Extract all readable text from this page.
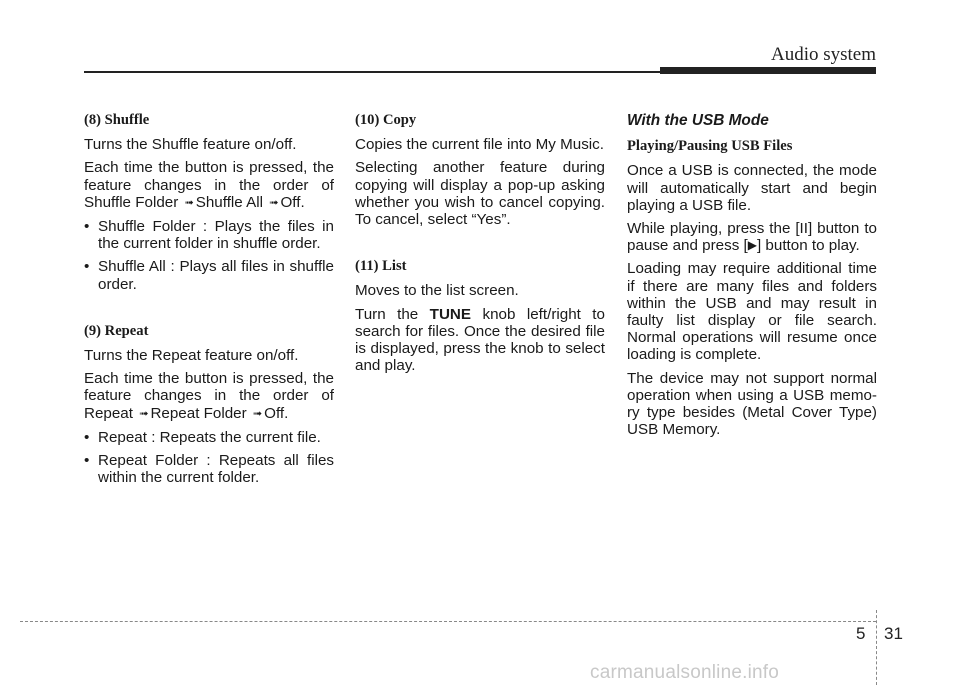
Audio system
(8) Shuffle

Turns the Shuffle feature on/off.

Each time the button is pressed, the feature changes in the order of Shuffle Folder ➟ Shuffle All ➟ Off.

• Shuffle Folder : Plays the files in the current folder in shuffle order.

• Shuffle All : Plays all files in shuffle order.

(9) Repeat

Turns the Repeat feature on/off.

Each time the button is pressed, the feature changes in the order of Repeat ➟ Repeat Folder ➟ Off.

• Repeat : Repeats the current file.

• Repeat Folder : Repeats all files within the current folder.

(10) Copy

Copies the current file into My Music.

Selecting another feature during copying will display a pop-up asking whether you wish to cancel copying. To cancel, select “Yes”.

(11) List

Moves to the list screen.

Turn the TUNE knob left/right to search for files. Once the desired file is displayed, press the knob to select and play.

With the USB Mode
Playing/Pausing USB Files

Once a USB is connected, the mode will automatically start and begin playing a USB file.

While playing, press the [II] button to pause and press [▶] button to play.

Loading may require additional time if there are many files and folders within the USB and may result in faulty list display or file search. Normal operations will resume once loading is complete.

The device may not support normal operation when using a USB memo-ry type besides (Metal Cover Type) USB Memory.

5 31
carmanualsonline.info
